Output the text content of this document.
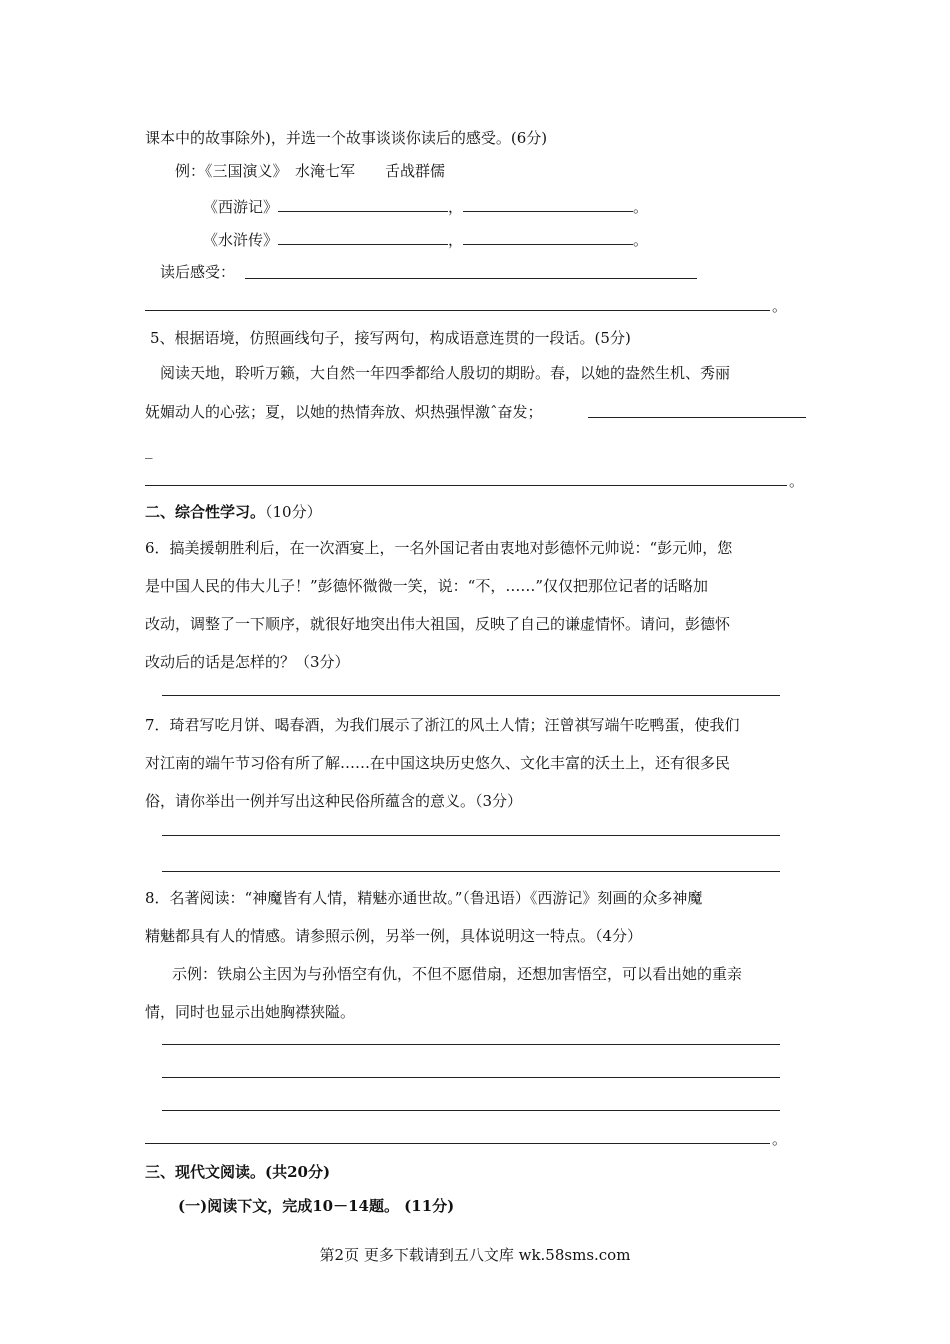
课本中的故事除外)，并选一个故事谈谈你读后的感受。(6分)
例：《三国演义》　水淹七军　　舌战群儒
《西游记》	，	。
《水浒传》	，	。
读后感受：
。
5、根据语境，仿照画线句子，接写两句，构成语意连贯的一段话。(5分)
阅读天地，聆听万籁，大自然一年四季都给人殷切的期盼。春，以她的盎然生机、秀丽
妩媚动人的心弦；夏，以她的热情奔放、炽热强悍激ˆ奋发；
_
。
二、综合性学习。（10分）
6．搞美援朝胜利后，在一次酒宴上，一名外国记者由衷地对彭德怀元帅说：“彭元帅，您
是中国人民的伟大儿子！”彭德怀微微一笑，说：“不，……”仅仅把那位记者的话略加
改动，调整了一下顺序，就很好地突出伟大祖国，反映了自己的谦虚情怀。请问，彭德怀
改动后的话是怎样的？（3分）
7．琦君写吃月饼、喝春酒，为我们展示了浙江的风土人情；汪曾祺写端午吃鸭蛋，使我们
对江南的端午节习俗有所了解……在中国这块历史悠久、文化丰富的沃土上，还有很多民
俗，请你举出一例并写出这种民俗所蕴含的意义。（3分）
8．名著阅读：“神魔皆有人情，精魅亦通世故。”（鲁迅语）《西游记》刻画的众多神魔
精魅都具有人的情感。请参照示例，另举一例，具体说明这一特点。（4分）
示例：铁扇公主因为与孙悟空有仇，不但不愿借扇，还想加害悟空，可以看出她的重亲
情，同时也显示出她胸襟狭隘。
。
三、现代文阅读。(共20分)
(一)阅读下文，完成10－14题。 (11分)
第2页 更多下载请到五八文库 wk.58sms.com
